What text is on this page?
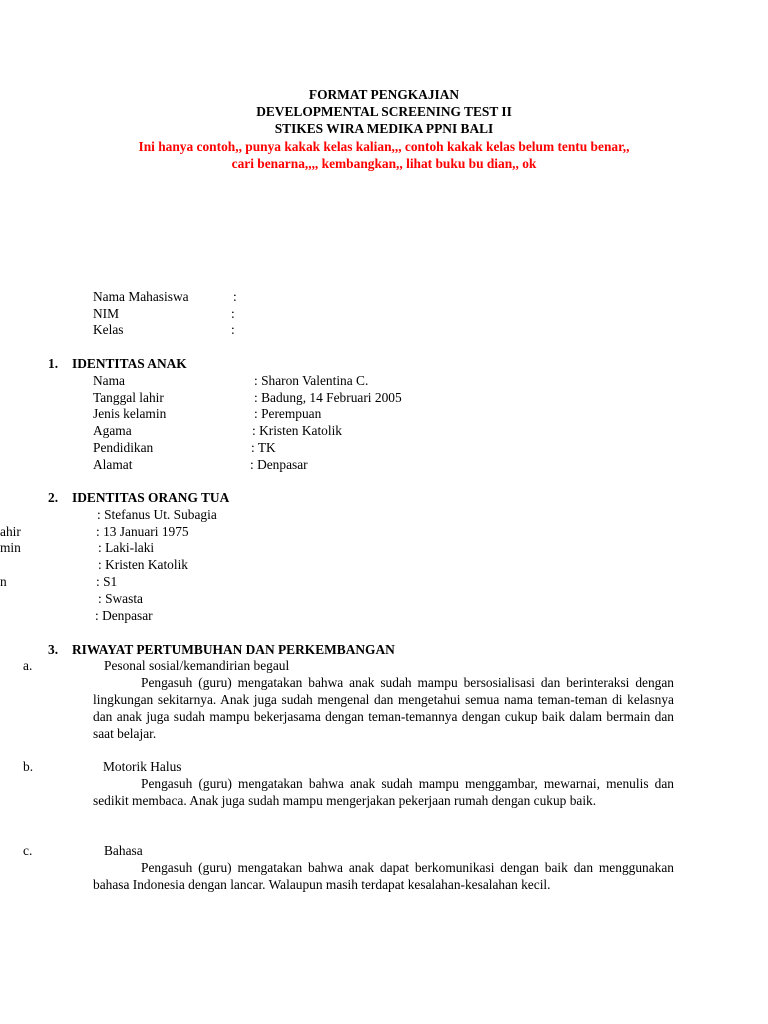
FORMAT PENGKAJIAN
DEVELOPMENTAL SCREENING TEST II
STIKES WIRA MEDIKA PPNI BALI
Ini hanya contoh,, punya kakak kelas kalian,,, contoh kakak kelas belum tentu benar,,
cari benarna,,,, kembangkan,, lihat buku bu dian,, ok
Nama Mahasiswa	:
NIM	:
Kelas	:
1. IDENTITAS ANAK
Nama	: Sharon Valentina C.
Tanggal lahir	: Badung, 14 Februari 2005
Jenis kelamin	: Perempuan
Agama	: Kristen Katolik
Pendidikan	: TK
Alamat	: Denpasar
2. IDENTITAS ORANG TUA
: Stefanus Ut. Subagia
ahir	: 13 Januari 1975
min	: Laki-laki
: Kristen Katolik
n	: S1
: Swasta
: Denpasar
3. RIWAYAT PERTUMBUHAN DAN PERKEMBANGAN
a.	Pesonal sosial/kemandirian begaul
Pengasuh (guru) mengatakan bahwa anak sudah mampu bersosialisasi dan berinteraksi dengan lingkungan sekitarnya. Anak juga sudah mengenal dan mengetahui semua nama teman-teman di kelasnya dan anak juga sudah mampu bekerjasama dengan teman-temannya dengan cukup baik dalam bermain dan saat belajar.
b.	Motorik Halus
Pengasuh (guru) mengatakan bahwa anak sudah mampu menggambar, mewarnai, menulis dan sedikit membaca. Anak juga sudah mampu mengerjakan pekerjaan rumah dengan cukup baik.
c.	Bahasa
Pengasuh (guru) mengatakan bahwa anak dapat berkomunikasi dengan baik dan menggunakan bahasa Indonesia dengan lancar. Walaupun masih terdapat kesalahan-kesalahan kecil.
